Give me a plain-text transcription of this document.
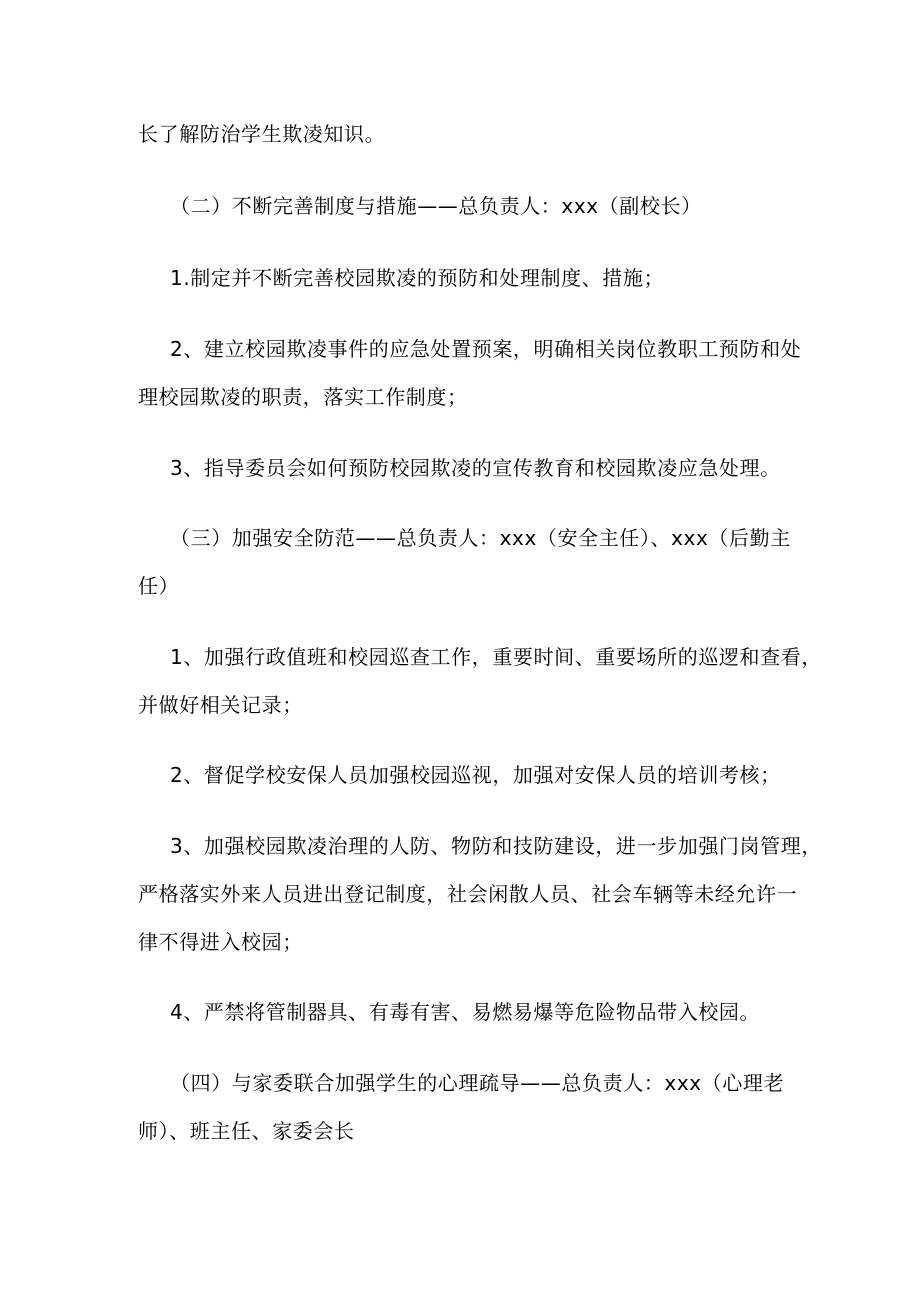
长了解防治学生欺凌知识。
（二）不断完善制度与措施——总负责人：xxx（副校长）
1.制定并不断完善校园欺凌的预防和处理制度、措施；
2、建立校园欺凌事件的应急处置预案，明确相关岗位教职工预防和处
理校园欺凌的职责，落实工作制度；
3、指导委员会如何预防校园欺凌的宣传教育和校园欺凌应急处理。
（三）加强安全防范——总负责人：xxx（安全主任）、xxx（后勤主
任）
1、加强行政值班和校园巡查工作，重要时间、重要场所的巡逻和查看，
并做好相关记录；
2、督促学校安保人员加强校园巡视，加强对安保人员的培训考核；
3、加强校园欺凌治理的人防、物防和技防建设，进一步加强门岗管理，
严格落实外来人员进出登记制度，社会闲散人员、社会车辆等未经允许一
律不得进入校园；
4、严禁将管制器具、有毒有害、易燃易爆等危险物品带入校园。
（四）与家委联合加强学生的心理疏导——总负责人：xxx（心理老
师）、班主任、家委会长
